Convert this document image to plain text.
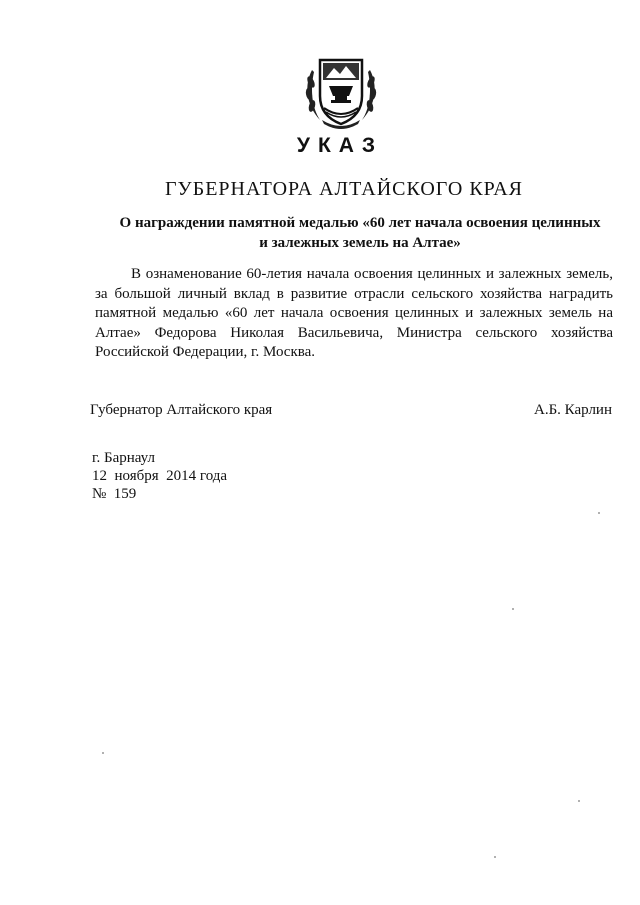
УКАЗ
ГУБЕРНАТОРА АЛТАЙСКОГО КРАЯ
О награждении памятной медалью «60 лет начала освоения целинных
и залежных земель на Алтае»
В ознаменование 60-летия начала освоения целинных и залежных земель, за большой личный вклад в развитие отрасли сельского хозяйства наградить памятной медалью «60 лет начала освоения целинных и залежных земель на Алтае» Федорова Николая Васильевича, Министра сельского хозяйства Российской Федерации, г. Москва.
Губернатор Алтайского края	А.Б. Карлин
г. Барнаул
12  ноября  2014 года
№  159
